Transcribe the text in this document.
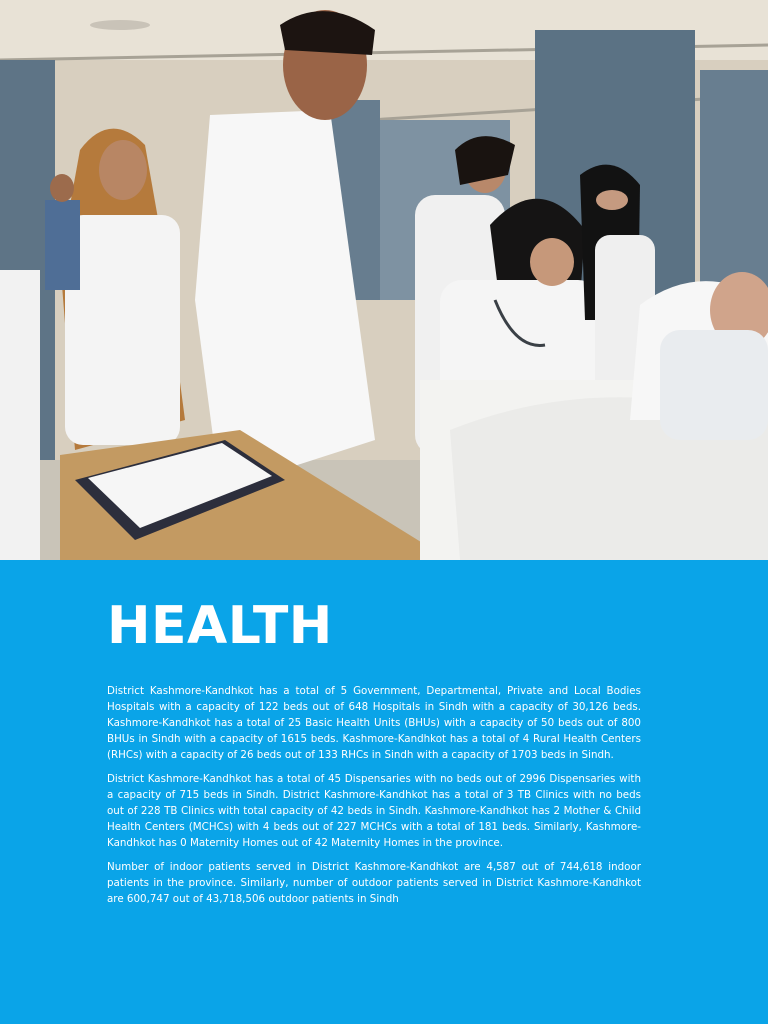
HEALTH

District Kashmore-Kandhkot has a total of 5 Government, Departmental, Private and Local Bodies Hospitals with a capacity of 122 beds out of 648 Hospitals in Sindh with a capacity of 30,126 beds. Kashmore-Kandhkot has a total of 25 Basic Health Units (BHUs) with a capacity of 50 beds out of 800 BHUs in Sindh with a capacity of 1615 beds. Kashmore-Kandhkot has a total of 4 Rural Health Centers (RHCs) with a capacity of 26 beds out of 133 RHCs in Sindh with a capacity of 1703 beds in Sindh.

District Kashmore-Kandhkot has a total of 45 Dispensaries with no beds out of 2996 Dispensaries with a capacity of 715 beds in Sindh. District Kashmore-Kandhkot has a total of 3 TB Clinics with no beds out of 228 TB Clinics with total capacity of 42 beds in Sindh. Kashmore-Kandhkot has 2 Mother & Child Health Centers (MCHCs) with 4 beds out of 227 MCHCs with a total of 181 beds. Similarly, Kashmore-Kandhkot has 0 Maternity Homes out of 42 Maternity Homes in the province.

Number of indoor patients served in District Kashmore-Kandhkot are 4,587 out of 744,618 indoor patients in the province. Similarly, number of outdoor patients served in District Kashmore-Kandhkot are 600,747 out of 43,718,506 outdoor patients in Sindh
